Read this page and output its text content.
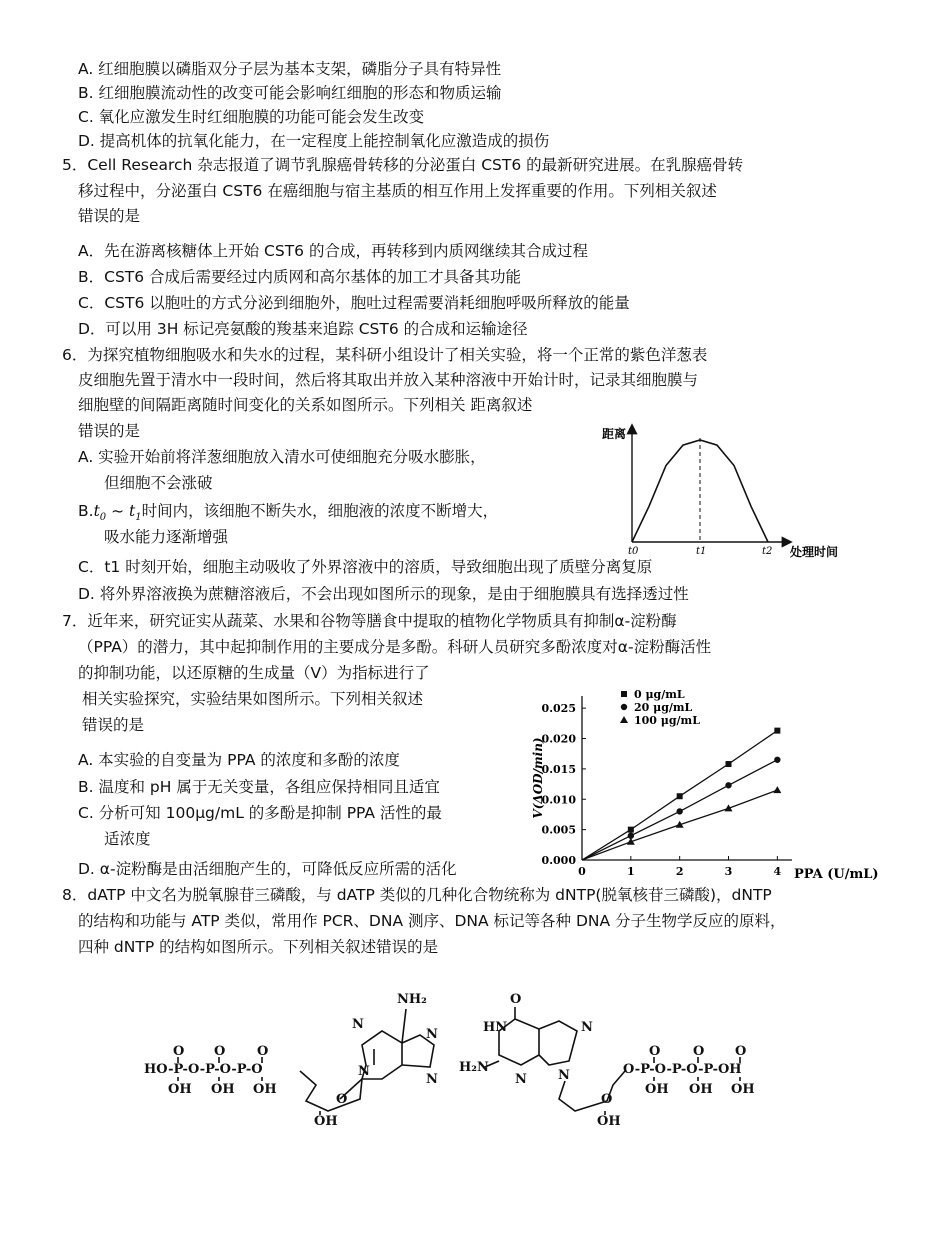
A. 红细胞膜以磷脂双分子层为基本支架，磷脂分子具有特异性
B. 红细胞膜流动性的改变可能会影响红细胞的形态和物质运输
C. 氧化应激发生时红细胞膜的功能可能会发生改变
D. 提高机体的抗氧化能力，在一定程度上能控制氧化应激造成的损伤
5．Cell Research 杂志报道了调节乳腺癌骨转移的分泌蛋白 CST6 的最新研究进展。在乳腺癌骨转
移过程中，分泌蛋白 CST6 在癌细胞与宿主基质的相互作用上发挥重要的作用。下列相关叙述
错误的是
A．先在游离核糖体上开始 CST6 的合成，再转移到内质网继续其合成过程
B．CST6 合成后需要经过内质网和高尔基体的加工才具备其功能
C．CST6 以胞吐的方式分泌到细胞外，胞吐过程需要消耗细胞呼吸所释放的能量
D．可以用 3H 标记亮氨酸的羧基来追踪 CST6 的合成和运输途径
6．为探究植物细胞吸水和失水的过程，某科研小组设计了相关实验，将一个正常的紫色洋葱表
皮细胞先置于清水中一段时间，然后将其取出并放入某种溶液中开始计时，记录其细胞膜与
细胞壁的间隔距离随时间变化的关系如图所示。下列相关 距离叙述
错误的是
A. 实验开始前将洋葱细胞放入清水可使细胞充分吸水膨胀，
但细胞不会涨破
$B.t_0$ ~ $t_1$时间内，该细胞不断失水，细胞液的浓度不断增大，
吸水能力逐渐增强
C．t1 时刻开始，细胞主动吸收了外界溶液中的溶质，导致细胞出现了质壁分离复原
D. 将外界溶液换为蔗糖溶液后，不会出现如图所示的现象，是由于细胞膜具有选择透过性
距离
处理时间
t0	t1	t2
7．近年来，研究证实从蔬菜、水果和谷物等膳食中提取的植物化学物质具有抑制α-淀粉酶
（PPA）的潜力，其中起抑制作用的主要成分是多酚。科研人员研究多酚浓度对α-淀粉酶活性
的抑制功能，以还原糖的生成量（V）为指标进行了
相关实验探究，实验结果如图所示。下列相关叙述
错误的是
A. 本实验的自变量为 PPA 的浓度和多酚的浓度
B. 温度和 pH 属于无关变量，各组应保持相同且适宜
C. 分析可知 100μg/mL 的多酚是抑制 PPA 活性的最
适浓度
D. α-淀粉酶是由活细胞产生的，可降低反应所需的活化	0.000
0.005
0.010
0.015
0.020
0.025
0	1	2	3	4 PPA (U/mL)
V(ΔOD/min)
0 μg/mL
20 μg/mL
100 μg/mL
8．dATP 中文名为脱氧腺苷三磷酸，与 dATP 类似的几种化合物统称为 dNTP(脱氧核苷三磷酸)，dNTP
的结构和功能与 ATP 类似，常用作 PCR、DNA 测序、DNA 标记等各种 DNA 分子生物学反应的原料，
四种 dNTP 的结构如图所示。下列相关叙述错误的是
HO-P-O-P-O-P-O
O O O
OH OH OH
OH
NH₂
N
N
N
N
O
O
HN
H₂N
N N
N
O
OH
O-P-O-P-O-P-OH
O	O O
OH OH OH
